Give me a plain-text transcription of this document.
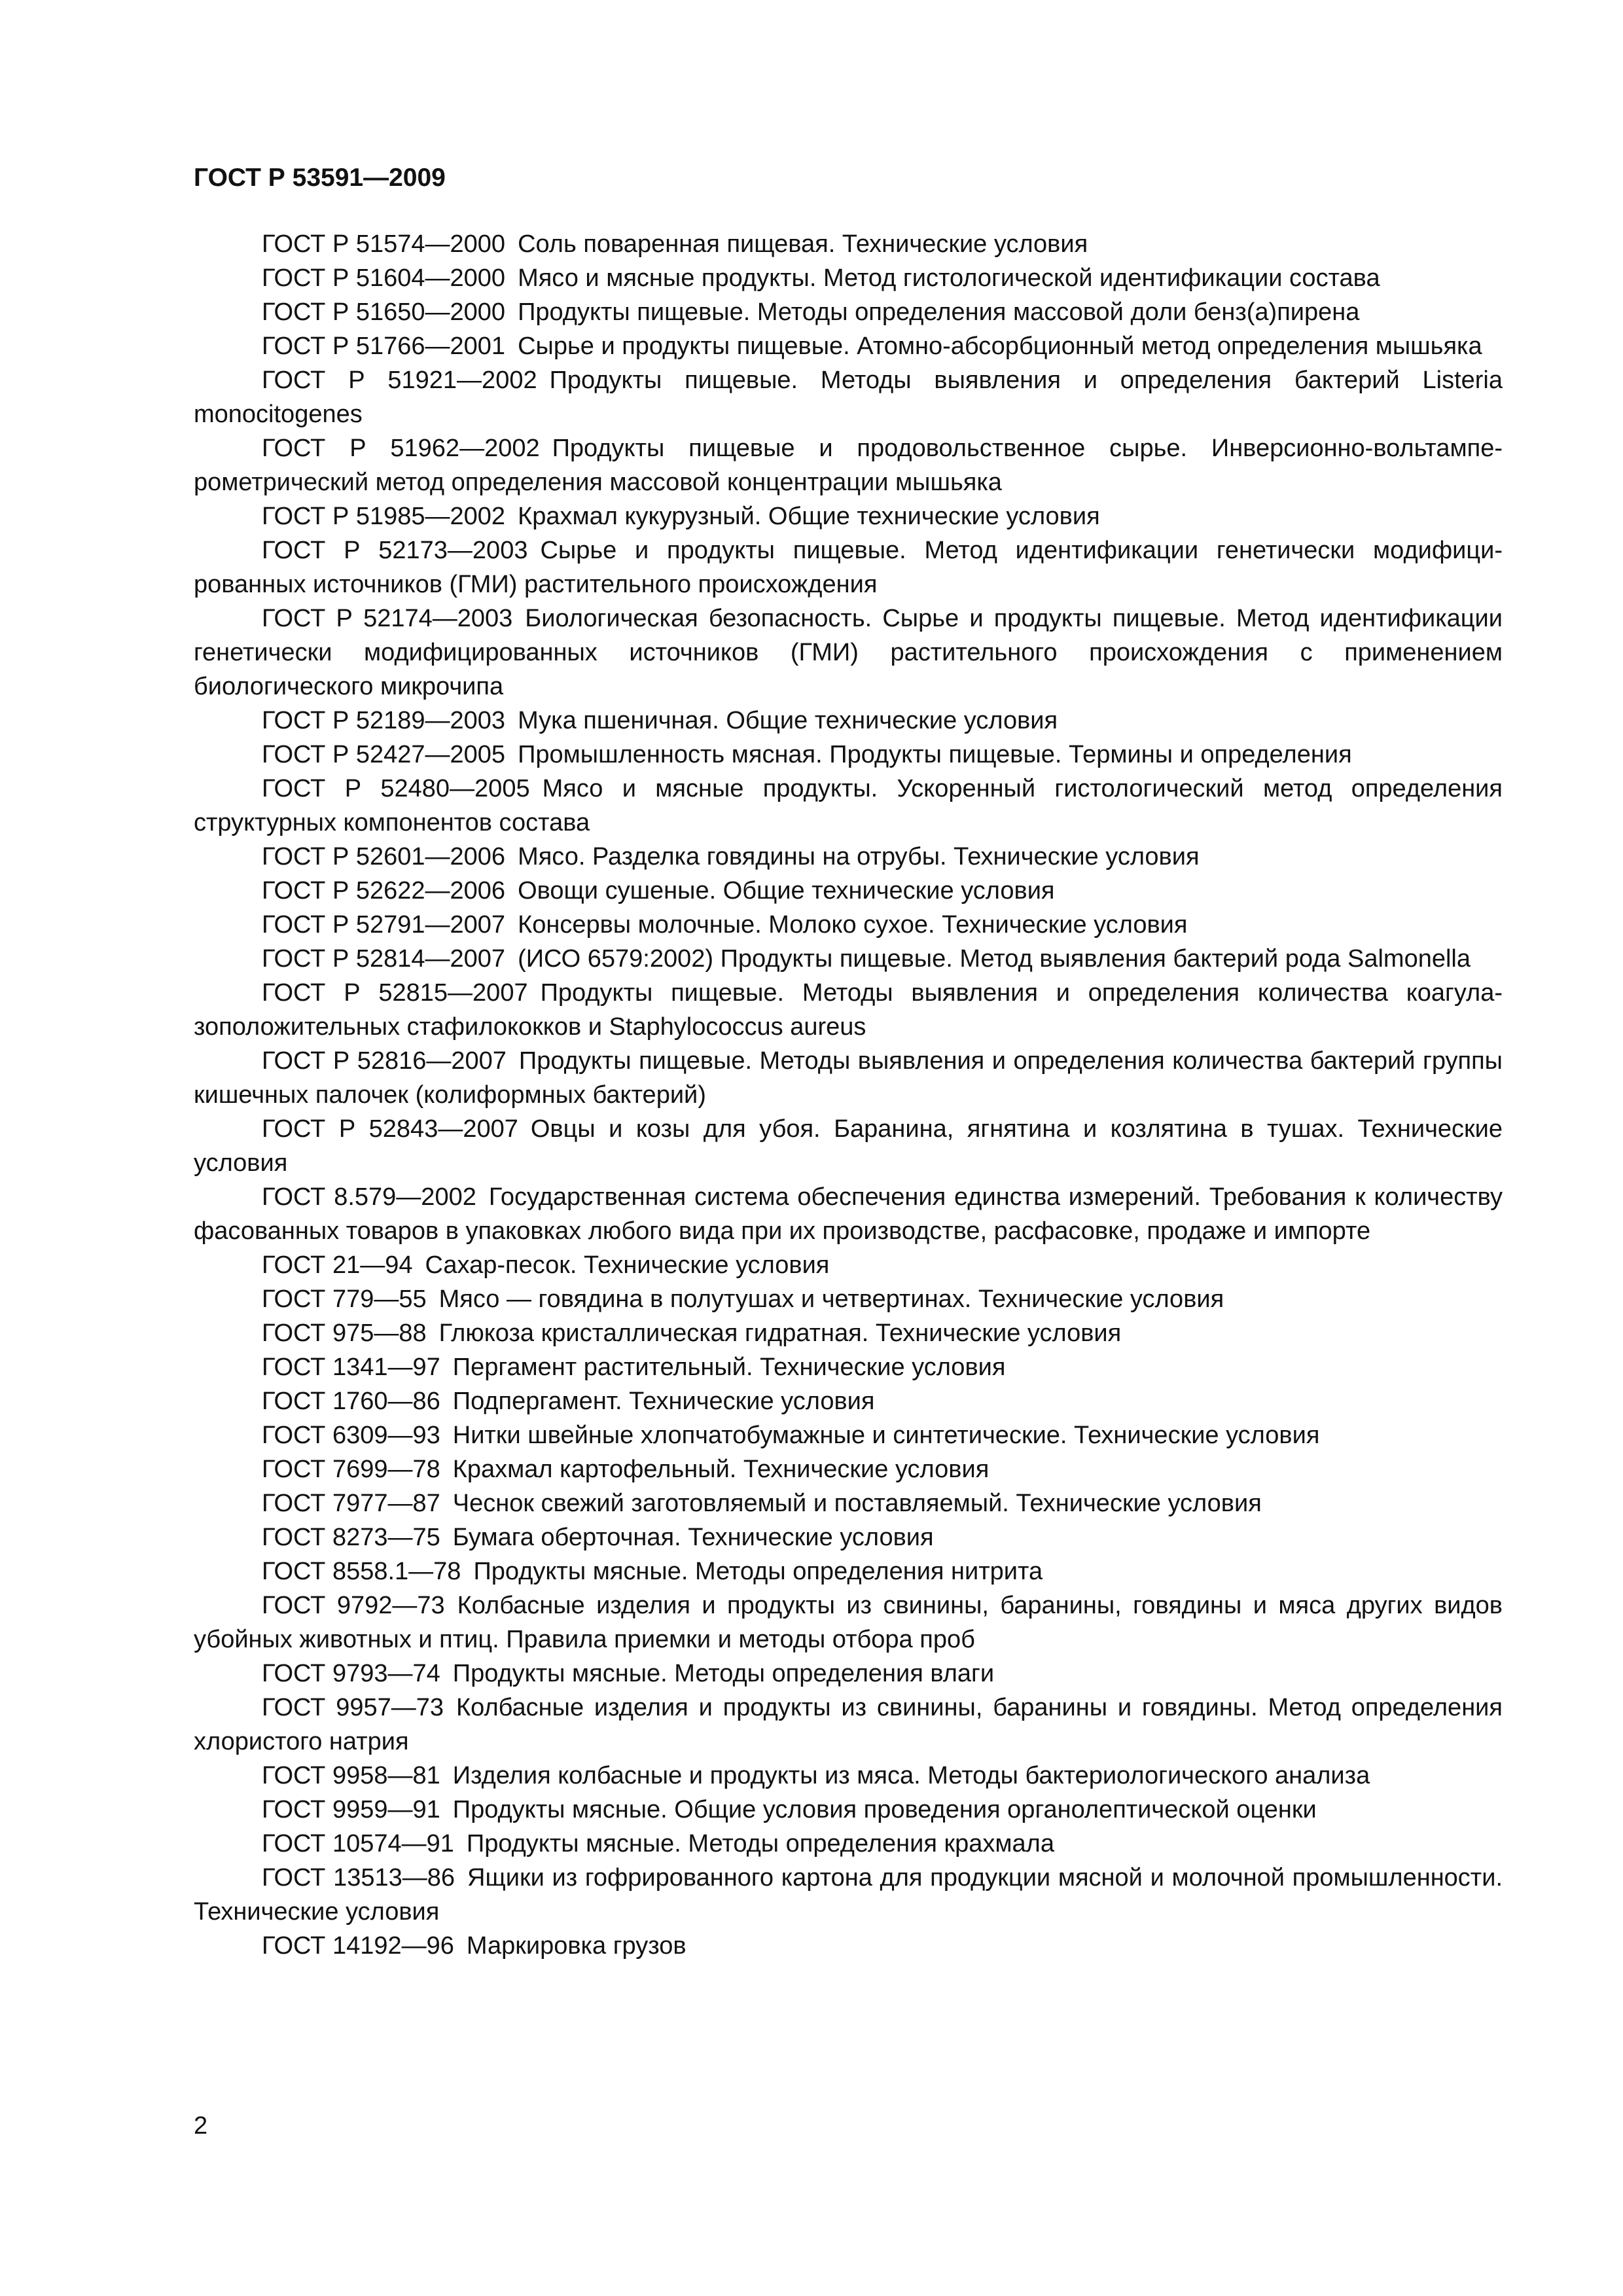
ГОСТ Р 53591—2009

ГОСТ Р 51574—2000  Соль поваренная пищевая. Технические условия

ГОСТ Р 51604—2000  Мясо и мясные продукты. Метод гистологической идентификации состава

ГОСТ Р 51650—2000  Продукты пищевые. Методы определения массовой доли бенз(а)пирена

ГОСТ Р 51766—2001  Сырье и продукты пищевые. Атомно-абсорбционный метод определения мышьяка

ГОСТ Р 51921—2002  Продукты пищевые. Методы выявления и определения бактерий Listeria monocitogenes

ГОСТ Р 51962—2002  Продукты пищевые и продовольственное сырье. Инверсионно-вольтамперометрический метод определения массовой концентрации мышьяка

ГОСТ Р 51985—2002  Крахмал кукурузный. Общие технические условия

ГОСТ Р 52173—2003  Сырье и продукты пищевые. Метод идентификации генетически модифицированных источников (ГМИ) растительного происхождения

ГОСТ Р 52174—2003  Биологическая безопасность. Сырье и продукты пищевые. Метод идентификации генетически модифицированных источников (ГМИ) растительного происхождения с применением биологического микрочипа

ГОСТ Р 52189—2003  Мука пшеничная. Общие технические условия

ГОСТ Р 52427—2005  Промышленность мясная. Продукты пищевые. Термины и определения

ГОСТ Р 52480—2005  Мясо и мясные продукты. Ускоренный гистологический метод определения структурных компонентов состава

ГОСТ Р 52601—2006  Мясо. Разделка говядины на отрубы. Технические условия

ГОСТ Р 52622—2006  Овощи сушеные. Общие технические условия

ГОСТ Р 52791—2007  Консервы молочные. Молоко сухое. Технические условия

ГОСТ Р 52814—2007  (ИСО 6579:2002) Продукты пищевые. Метод выявления бактерий рода Salmonella

ГОСТ Р 52815—2007  Продукты пищевые. Методы выявления и определения количества коагулазоположительных стафилококков и Staphylococcus aureus

ГОСТ Р 52816—2007  Продукты пищевые. Методы выявления и определения количества бактерий группы кишечных палочек (колиформных бактерий)

ГОСТ Р 52843—2007  Овцы и козы для убоя. Баранина, ягнятина и козлятина в тушах. Технические условия

ГОСТ 8.579—2002  Государственная система обеспечения единства измерений. Требования к количеству фасованных товаров в упаковках любого вида при их производстве, расфасовке, продаже и импорте

ГОСТ 21—94  Сахар-песок. Технические условия

ГОСТ 779—55  Мясо — говядина в полутушах и четвертинах. Технические условия

ГОСТ 975—88  Глюкоза кристаллическая гидратная. Технические условия

ГОСТ 1341—97  Пергамент растительный. Технические условия

ГОСТ 1760—86  Подпергамент. Технические условия

ГОСТ 6309—93  Нитки швейные хлопчатобумажные и синтетические. Технические условия

ГОСТ 7699—78  Крахмал картофельный. Технические условия

ГОСТ 7977—87  Чеснок свежий заготовляемый и поставляемый. Технические условия

ГОСТ 8273—75  Бумага оберточная. Технические условия

ГОСТ 8558.1—78  Продукты мясные. Методы определения нитрита

ГОСТ 9792—73  Колбасные изделия и продукты из свинины, баранины, говядины и мяса других видов убойных животных и птиц. Правила приемки и методы отбора проб

ГОСТ 9793—74  Продукты мясные. Методы определения влаги

ГОСТ 9957—73  Колбасные изделия и продукты из свинины, баранины и говядины. Метод определения хлористого натрия

ГОСТ 9958—81  Изделия колбасные и продукты из мяса. Методы бактериологического анализа

ГОСТ 9959—91  Продукты мясные. Общие условия проведения органолептической оценки

ГОСТ 10574—91  Продукты мясные. Методы определения крахмала

ГОСТ 13513—86  Ящики из гофрированного картона для продукции мясной и молочной промышленности. Технические условия

ГОСТ 14192—96  Маркировка грузов

2
